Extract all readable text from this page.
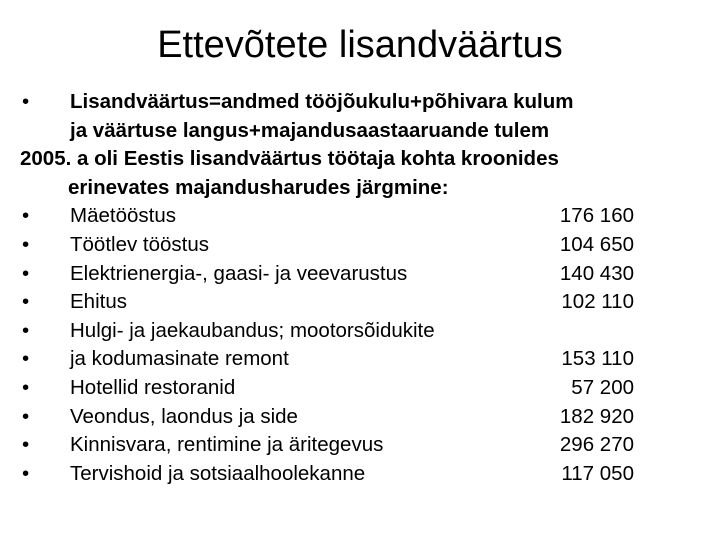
Ettevõtete lisandväärtus
•	Lisandväärtus=andmed tööjõukulu+põhivara kulum
ja väärtuse langus+majandusaastaaruande tulem
2005. a oli Eestis lisandväärtus töötaja kohta kroonides
erinevates majandusharudes järgmine:
•	Mäetööstus	176 160
•	Töötlev tööstus	104 650
•	Elektrienergia-, gaasi- ja veevarustus	140 430
•	Ehitus	102 110
•	Hulgi- ja jaekaubandus; mootorsõidukite
•	ja kodumasinate remont	153 110
•	Hotellid restoranid	57 200
•	Veondus, laondus ja side	182 920
•	Kinnisvara, rentimine ja äritegevus	296 270
•	Tervishoid ja sotsiaalhoolekanne	117 050
